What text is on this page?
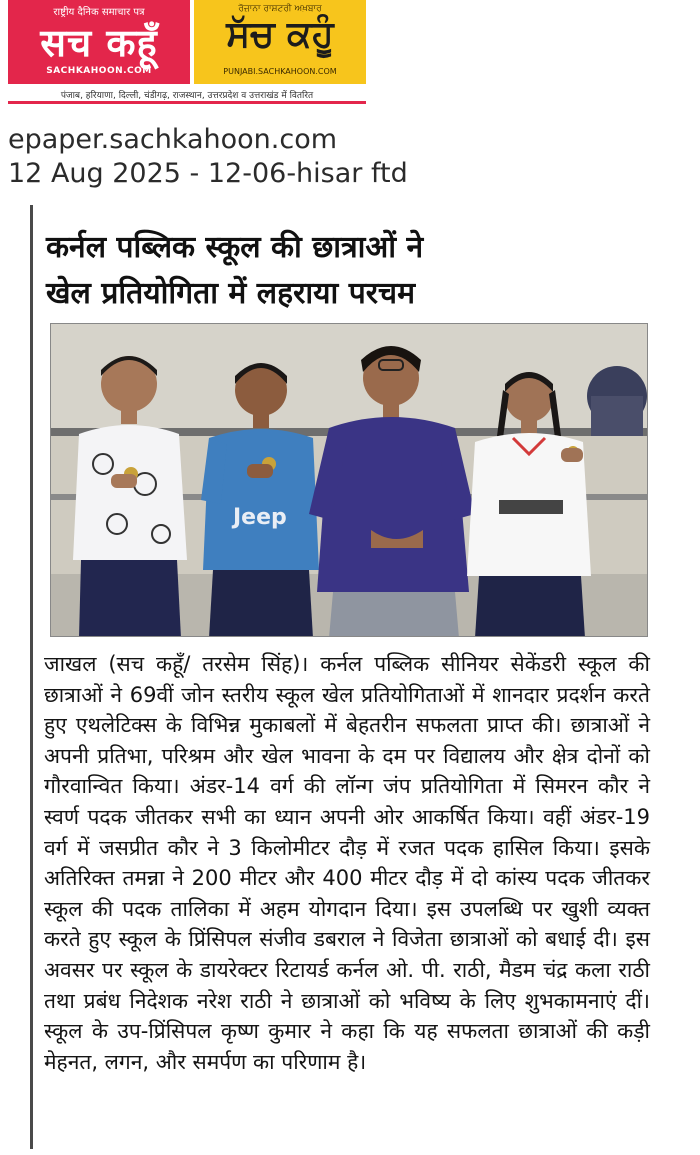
राष्ट्रीय दैनिक समाचार पत्र
सच कहूँ
SACHKAHOON.COM
ਰੋਜ਼ਾਨਾ ਰਾਸ਼ਟਰੀ ਅਖ਼ਬਾਰ
ਸੱਚ ਕਹੂੰ
PUNJABI.SACHKAHOON.COM
पंजाब, हरियाणा, दिल्ली, चंडीगढ़, राजस्थान, उत्तरप्रदेश व उत्तराखंड में वितरित
epaper.sachkahoon.com
12 Aug 2025 - 12-06-hisar ftd
कर्नल पब्लिक स्कूल की छात्राओं ने
खेल प्रतियोगिता में लहराया परचम
Jeep
जाखल (सच कहूँ/ तरसेम सिंह)। कर्नल पब्लिक सीनियर सेकेंडरी स्कूल की छात्राओं ने 69वीं जोन स्तरीय स्कूल खेल प्रतियोगिताओं में शानदार प्रदर्शन करते हुए एथलेटिक्स के विभिन्न मुकाबलों में बेहतरीन सफलता प्राप्त की। छात्राओं ने अपनी प्रतिभा, परिश्रम और खेल भावना के दम पर विद्यालय और क्षेत्र दोनों को गौरवान्वित किया। अंडर-14 वर्ग की लॉन्ग जंप प्रतियोगिता में सिमरन कौर ने स्वर्ण पदक जीतकर सभी का ध्यान अपनी ओर आकर्षित किया। वहीं अंडर-19 वर्ग में जसप्रीत कौर ने 3 किलोमीटर दौड़ में रजत पदक हासिल किया। इसके अतिरिक्त तमन्ना ने 200 मीटर और 400 मीटर दौड़ में दो कांस्य पदक जीतकर स्कूल की पदक तालिका में अहम योगदान दिया। इस उपलब्धि पर खुशी व्यक्त करते हुए स्कूल के प्रिंसिपल संजीव डबराल ने विजेता छात्राओं को बधाई दी। इस अवसर पर स्कूल के डायरेक्टर रिटायर्ड कर्नल ओ. पी. राठी, मैडम चंद्र कला राठी तथा प्रबंध निदेशक नरेश राठी ने छात्राओं को भविष्य के लिए शुभकामनाएं दीं। स्कूल के उप-प्रिंसिपल कृष्ण कुमार ने कहा कि यह सफलता छात्राओं की कड़ी मेहनत, लगन, और समर्पण का परिणाम है।
